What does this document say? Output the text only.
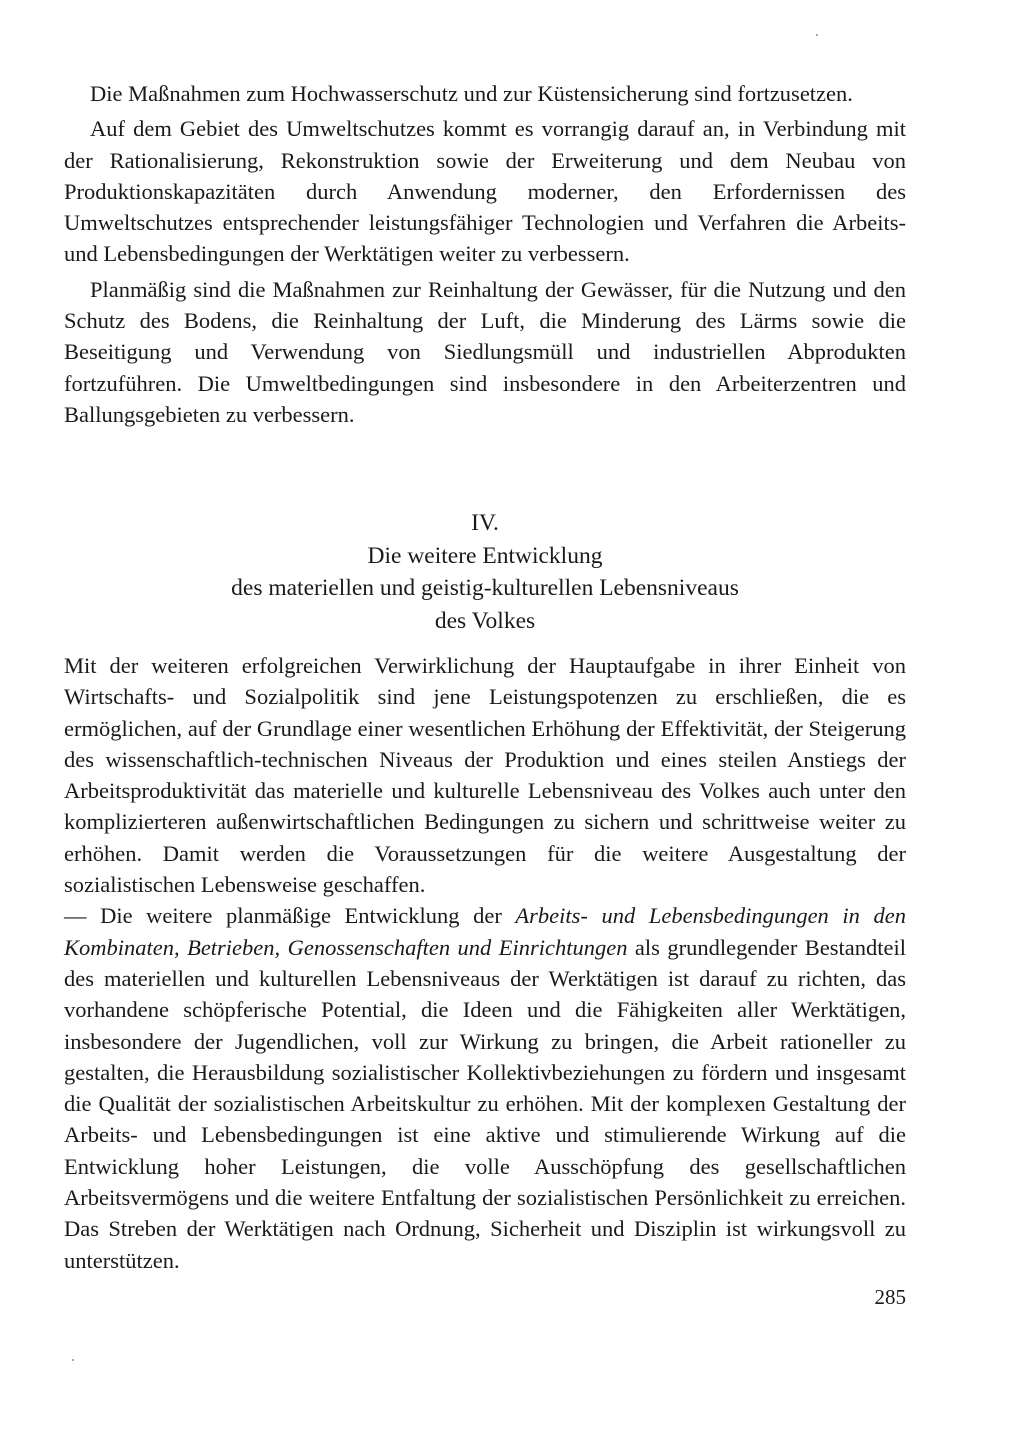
Die Maßnahmen zum Hochwasserschutz und zur Küstensicherung sind fortzusetzen.

Auf dem Gebiet des Umweltschutzes kommt es vorrangig darauf an, in Verbindung mit der Rationalisierung, Rekonstruktion sowie der Erweiterung und dem Neubau von Produktionskapazitäten durch Anwendung moderner, den Erfordernissen des Umweltschutzes entsprechender leistungsfähiger Technologien und Verfahren die Arbeits- und Lebensbedingungen der Werktätigen weiter zu verbessern.

Planmäßig sind die Maßnahmen zur Reinhaltung der Gewässer, für die Nutzung und den Schutz des Bodens, die Reinhaltung der Luft, die Minderung des Lärms sowie die Beseitigung und Verwendung von Siedlungsmüll und industriellen Abprodukten fortzuführen. Die Umweltbedingungen sind insbesondere in den Arbeiterzentren und Ballungsgebieten zu verbessern.

IV.
Die weitere Entwicklung
des materiellen und geistig-kulturellen Lebensniveaus
des Volkes

Mit der weiteren erfolgreichen Verwirklichung der Hauptaufgabe in ihrer Einheit von Wirtschafts- und Sozialpolitik sind jene Leistungspotenzen zu erschließen, die es ermöglichen, auf der Grundlage einer wesentlichen Erhöhung der Effektivität, der Steigerung des wissenschaftlich-technischen Niveaus der Produktion und eines steilen Anstiegs der Arbeitsproduktivität das materielle und kulturelle Lebensniveau des Volkes auch unter den komplizierteren außenwirtschaftlichen Bedingungen zu sichern und schrittweise weiter zu erhöhen. Damit werden die Voraussetzungen für die weitere Ausgestaltung der sozialistischen Lebensweise geschaffen.

— Die weitere planmäßige Entwicklung der Arbeits- und Lebensbedingungen in den Kombinaten, Betrieben, Genossenschaften und Einrichtungen als grundlegender Bestandteil des materiellen und kulturellen Lebensniveaus der Werktätigen ist darauf zu richten, das vorhandene schöpferische Potential, die Ideen und die Fähigkeiten aller Werktätigen, insbesondere der Jugendlichen, voll zur Wirkung zu bringen, die Arbeit rationeller zu gestalten, die Herausbildung sozialistischer Kollektivbeziehungen zu fördern und insgesamt die Qualität der sozialistischen Arbeitskultur zu erhöhen. Mit der komplexen Gestaltung der Arbeits- und Lebensbedingungen ist eine aktive und stimulierende Wirkung auf die Entwicklung hoher Leistungen, die volle Ausschöpfung des gesellschaftlichen Arbeitsvermögens und die weitere Entfaltung der sozialistischen Persönlichkeit zu erreichen. Das Streben der Werktätigen nach Ordnung, Sicherheit und Disziplin ist wirkungsvoll zu unterstützen.

285
